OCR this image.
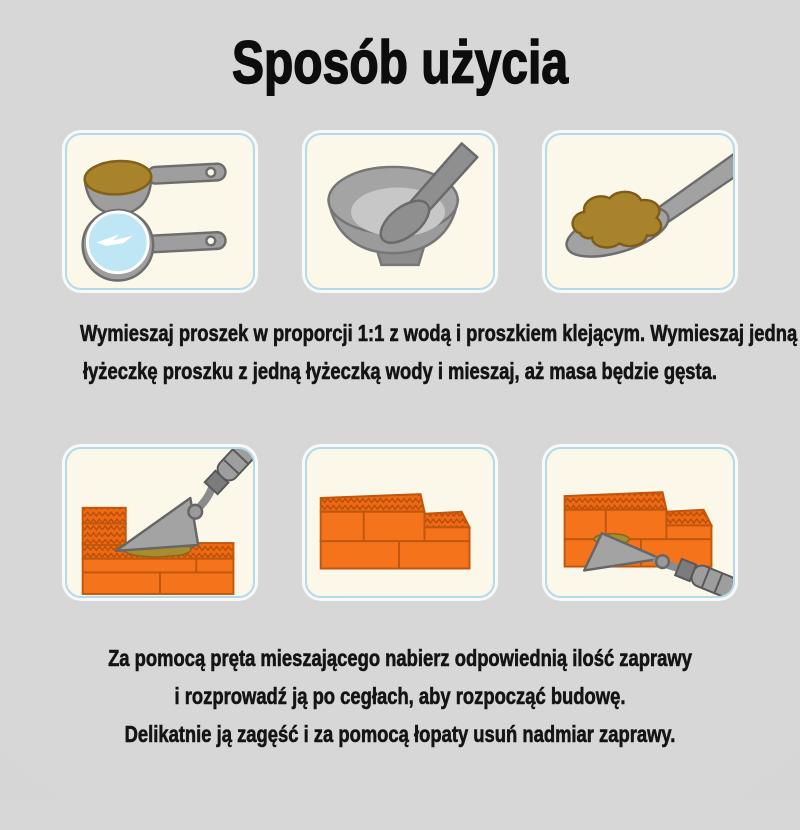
Sposób użycia
Wymieszaj proszek w proporcji 1:1 z wodą i proszkiem klejącym. Wymieszaj jedną
łyżeczkę proszku z jedną łyżeczką wody i mieszaj, aż masa będzie gęsta.
Za pomocą pręta mieszającego nabierz odpowiednią ilość zaprawy
i rozprowadź ją po cegłach, aby rozpocząć budowę.
Delikatnie ją zagęść i za pomocą łopaty usuń nadmiar zaprawy.
